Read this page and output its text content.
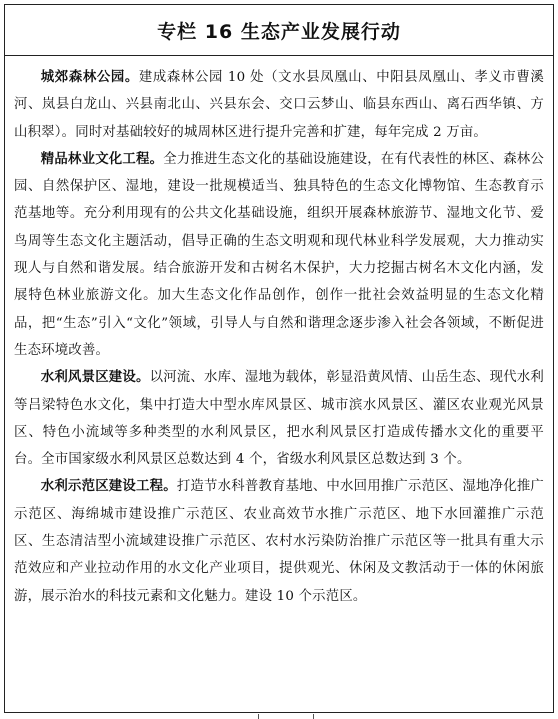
专栏 16 生态产业发展行动

城郊森林公园。建成森林公园 10 处（文水县凤凰山、中阳县凤凰山、孝义市曹溪河、岚县白龙山、兴县南北山、兴县东会、交口云梦山、临县东西山、离石西华镇、方山积翠）。同时对基础较好的城周林区进行提升完善和扩建，每年完成 2 万亩。

精品林业文化工程。全力推进生态文化的基础设施建设，在有代表性的林区、森林公园、自然保护区、湿地，建设一批规模适当、独具特色的生态文化博物馆、生态教育示范基地等。充分利用现有的公共文化基础设施，组织开展森林旅游节、湿地文化节、爱鸟周等生态文化主题活动，倡导正确的生态文明观和现代林业科学发展观，大力推动实现人与自然和谐发展。结合旅游开发和古树名木保护，大力挖掘古树名木文化内涵，发展特色林业旅游文化。加大生态文化作品创作，创作一批社会效益明显的生态文化精品，把“生态”引入“文化”领域，引导人与自然和谐理念逐步渗入社会各领域，不断促进生态环境改善。

水利风景区建设。以河流、水库、湿地为载体，彰显沿黄风情、山岳生态、现代水利等吕梁特色水文化，集中打造大中型水库风景区、城市滨水风景区、灌区农业观光风景区、特色小流域等多种类型的水利风景区，把水利风景区打造成传播水文化的重要平台。全市国家级水利风景区总数达到 4 个，省级水利风景区总数达到 3 个。

水利示范区建设工程。打造节水科普教育基地、中水回用推广示范区、湿地净化推广示范区、海绵城市建设推广示范区、农业高效节水推广示范区、地下水回灌推广示范区、生态清洁型小流域建设推广示范区、农村水污染防治推广示范区等一批具有重大示范效应和产业拉动作用的水文化产业项目，提供观光、休闲及文教活动于一体的休闲旅游，展示治水的科技元素和文化魅力。建设 10 个示范区。
